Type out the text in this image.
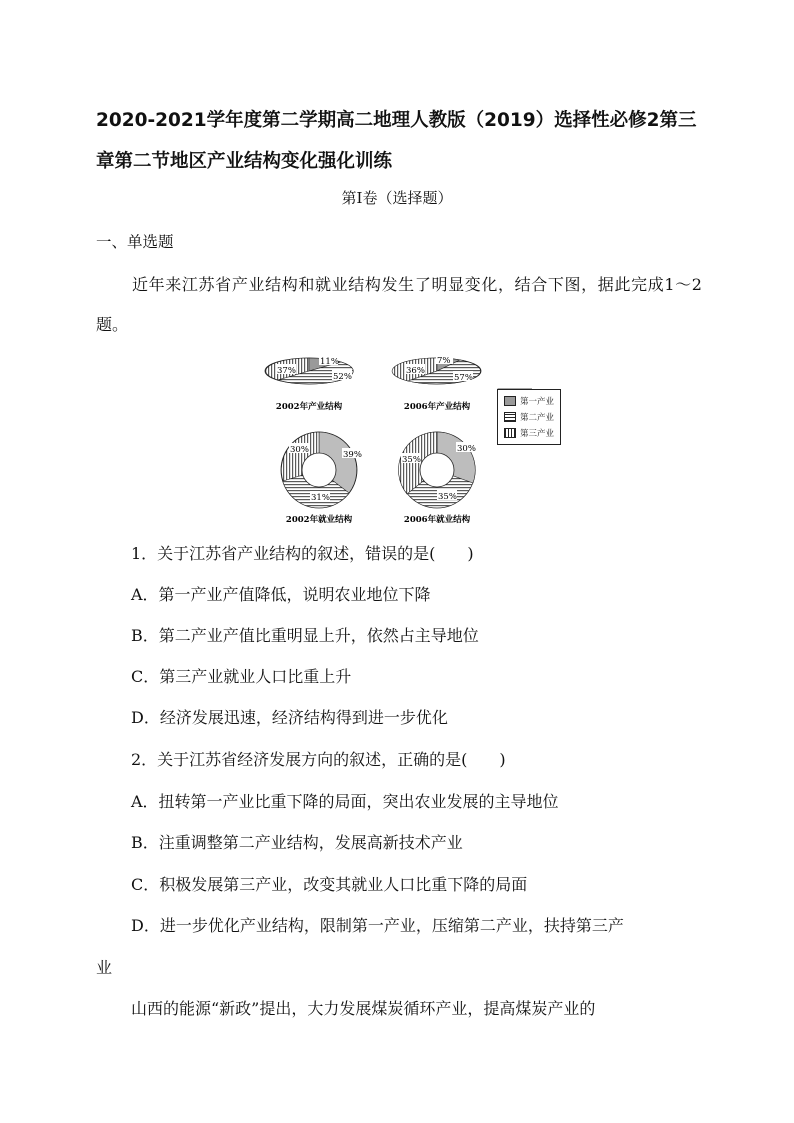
2020-2021学年度第二学期高二地理人教版（2019）选择性必修2第三章第二节地区产业结构变化强化训练
第Ⅰ卷（选择题）
一、单选题

近年来江苏省产业结构和就业结构发生了明显变化，结合下图，据此完成1～2题。

37%
11%
52%
2002年产业结构
36%
7%
57%
2006年产业结构
39%
31%
30%
2002年就业结构
30%
35%
35%
2006年就业结构
第一产业
第二产业
第三产业
1．关于江苏省产业结构的叙述，错误的是(　　)
A．第一产业产值降低，说明农业地位下降
B．第二产业产值比重明显上升，依然占主导地位
C．第三产业就业人口比重上升
D．经济发展迅速，经济结构得到进一步优化
2．关于江苏省经济发展方向的叙述，正确的是(　　)
A．扭转第一产业比重下降的局面，突出农业发展的主导地位
B．注重调整第二产业结构，发展高新技术产业
C．积极发展第三产业，改变其就业人口比重下降的局面
D．进一步优化产业结构，限制第一产业，压缩第二产业，扶持第三产
业
山西的能源“新政”提出，大力发展煤炭循环产业，提高煤炭产业的
